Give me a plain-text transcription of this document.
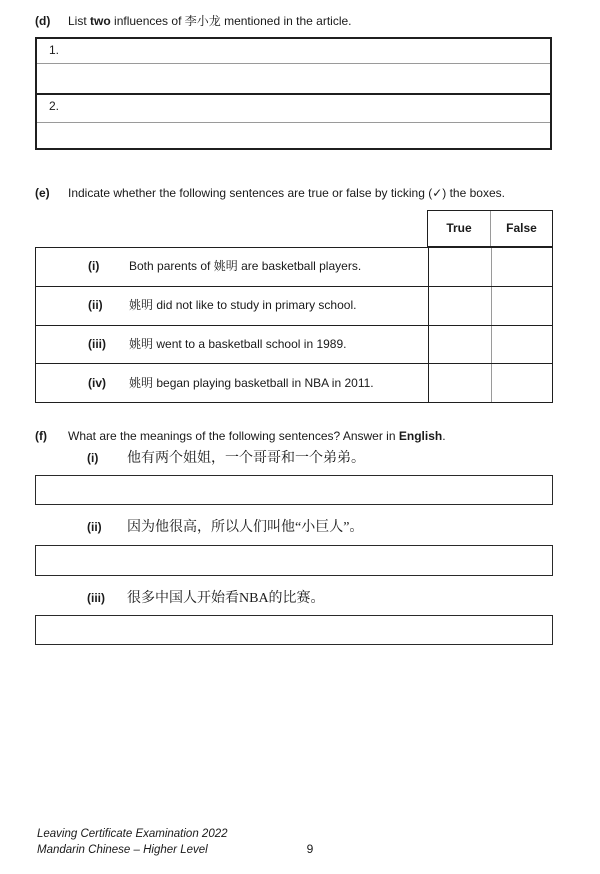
(d) List two influences of 李小龙 mentioned in the article.
1.
2.
(e) Indicate whether the following sentences are true or false by ticking (✓) the boxes.
True	False
(i)	Both parents of 姚明 are basketball players.
(ii)	姚明 did not like to study in primary school.
(iii)	姚明 went to a basketball school in 1989.
(iv)	姚明 began playing basketball in NBA in 2011.
(f) What are the meanings of the following sentences? Answer in English.
(i) 他有两个姐姐，一个哥哥和一个弟弟。
(ii) 因为他很高，所以人们叫他“小巨人”。
(iii) 很多中国人开始看NBA的比赛。
Leaving Certificate Examination 2022
Mandarin Chinese – Higher Level	9
